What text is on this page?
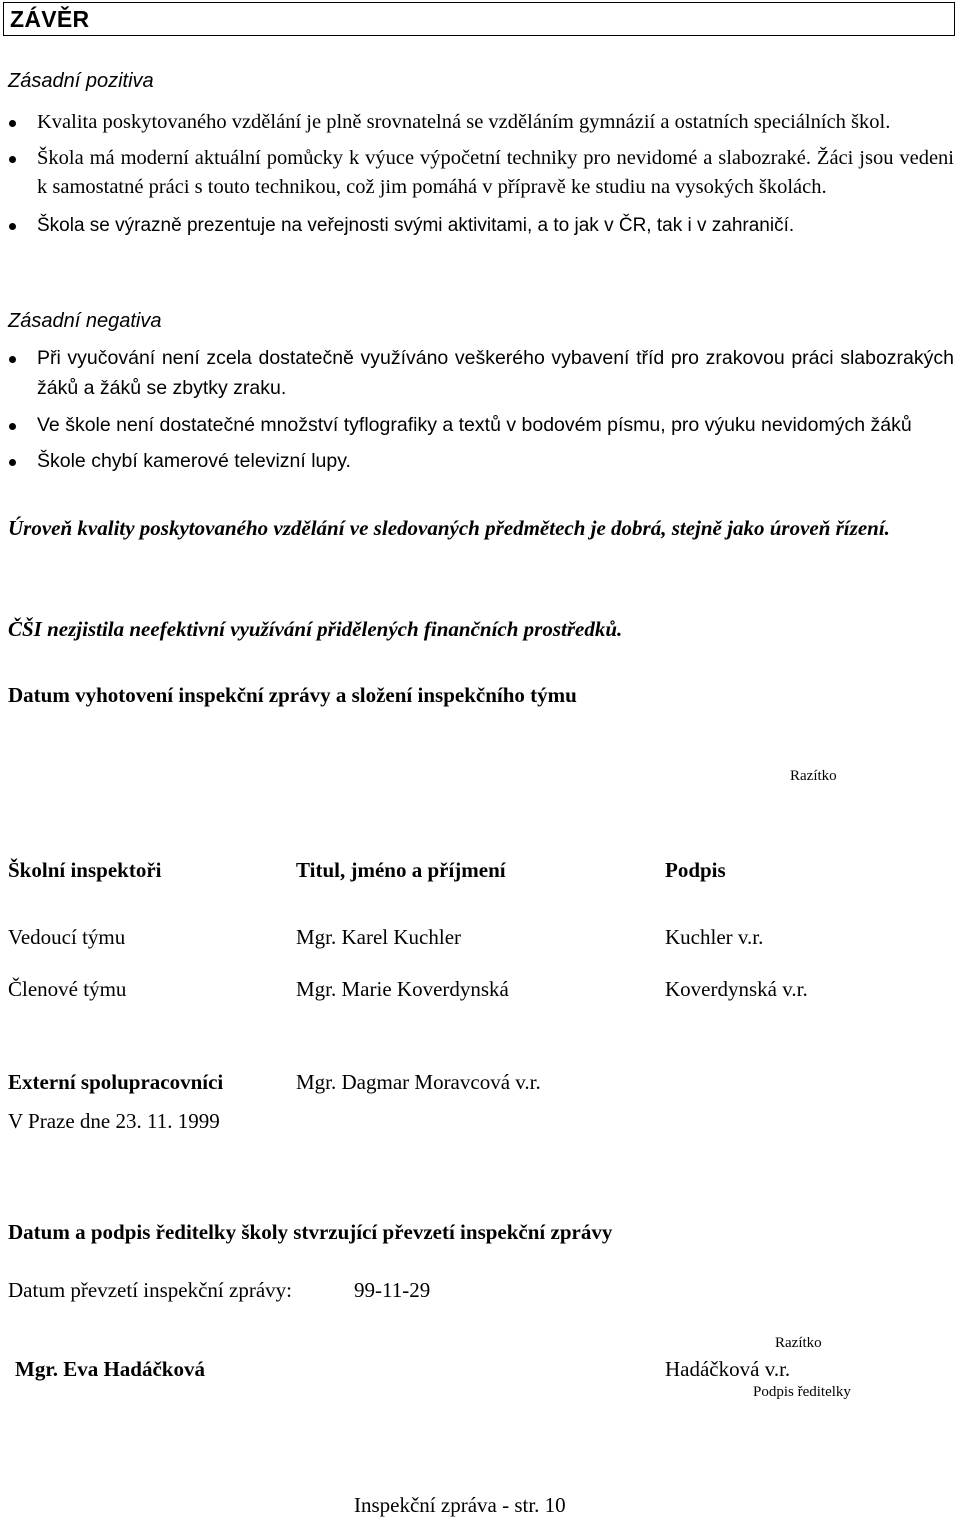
ZÁVĚR
Zásadní pozitiva
Kvalita poskytovaného vzdělání je plně srovnatelná se vzděláním gymnázií a ostatních speciálních škol.
Škola má moderní aktuální pomůcky k výuce výpočetní techniky pro nevidomé a slabozraké. Žáci jsou vedeni k samostatné práci s touto technikou, což jim pomáhá v přípravě ke studiu na vysokých školách.
Škola se výrazně prezentuje na veřejnosti svými aktivitami, a to jak v ČR, tak i v zahraničí.
Zásadní negativa
Při vyučování není zcela dostatečně využíváno veškerého vybavení tříd pro zrakovou práci slabozrakých žáků a žáků se zbytky zraku.
Ve škole není dostatečné množství tyflografiky a textů v bodovém písmu, pro výuku nevidomých žáků
Škole chybí kamerové televizní lupy.
Úroveň kvality poskytovaného vzdělání ve sledovaných předmětech je dobrá, stejně jako úroveň řízení.
ČŠI nezjistila neefektivní využívání přidělených finančních prostředků.
Datum vyhotovení inspekční zprávy a složení inspekčního týmu
Razítko
Školní inspektoři	Titul, jméno a příjmení	Podpis
Vedoucí týmu	Mgr. Karel Kuchler	Kuchler v.r.
Členové týmu	Mgr. Marie Koverdynská	Koverdynská v.r.
Externí spolupracovníci	Mgr. Dagmar Moravcová v.r.
V Praze dne 23. 11. 1999
Datum a podpis ředitelky školy stvrzující převzetí inspekční zprávy
Datum převzetí inspekční zprávy:	99-11-29
Razítko
Mgr. Eva Hadáčková	Hadáčková v.r.
Podpis ředitelky
Inspekční zpráva - str. 10
